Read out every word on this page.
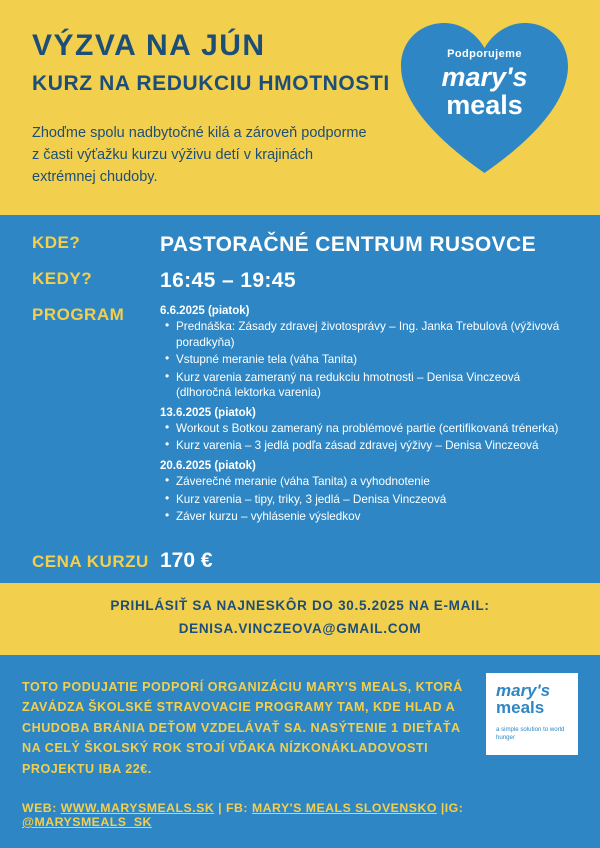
VÝZVA NA JÚN
KURZ NA REDUKCIU HMOTNOSTI
Zhoďme spolu nadbytočné kilá a zároveň podporme z časti výťažku kurzu výživu detí v krajinách extrémnej chudoby.
Podporujeme
mary's
meals
KDE?	PASTORAČNÉ CENTRUM RUSOVCE
KEDY?	16:45 – 19:45
PROGRAM	6.6.2025 (piatok)
• Prednáška: Zásady zdravej životosprávy – Ing. Janka Trebulová (výživová poradkyňa)
• Vstupné meranie tela (váha Tanita)
• Kurz varenia zameraný na redukciu hmotnosti – Denisa Vinczeová (dlhoročná lektorka varenia)
13.6.2025 (piatok)
• Workout s Botkou zameraný na problémové partie (certifikovaná trénerka)
• Kurz varenia – 3 jedlá podľa zásad zdravej výživy – Denisa Vinczeová
20.6.2025 (piatok)
• Záverečné meranie (váha Tanita) a vyhodnotenie
• Kurz varenia – tipy, triky, 3 jedlá – Denisa Vinczeová
• Záver kurzu – vyhlásenie výsledkov
CENA KURZU 170 €
PRIHLÁSIŤ SA NAJNESKÔR DO 30.5.2025 NA E-MAIL:
DENISA.VINCZEOVA@GMAIL.COM
TOTO PODUJATIE PODPORÍ ORGANIZÁCIU MARY'S MEALS, KTORÁ ZAVÁDZA ŠKOLSKÉ STRAVOVACIE PROGRAMY TAM, KDE HLAD A CHUDOBA BRÁNIA DEŤOM VZDELÁVAŤ SA. NASÝTENIE 1 DIEŤAŤA NA CELÝ ŠKOLSKÝ ROK STOJÍ VĎAKA NÍZKONÁKLADOVOSTI PROJEKTU IBA 22€.
WEB: WWW.MARYSMEALS.SK | FB: MARY'S MEALS SLOVENSKO |IG: @MARYSMEALS_SK
mary's
meals
a simple solution to world hunger
